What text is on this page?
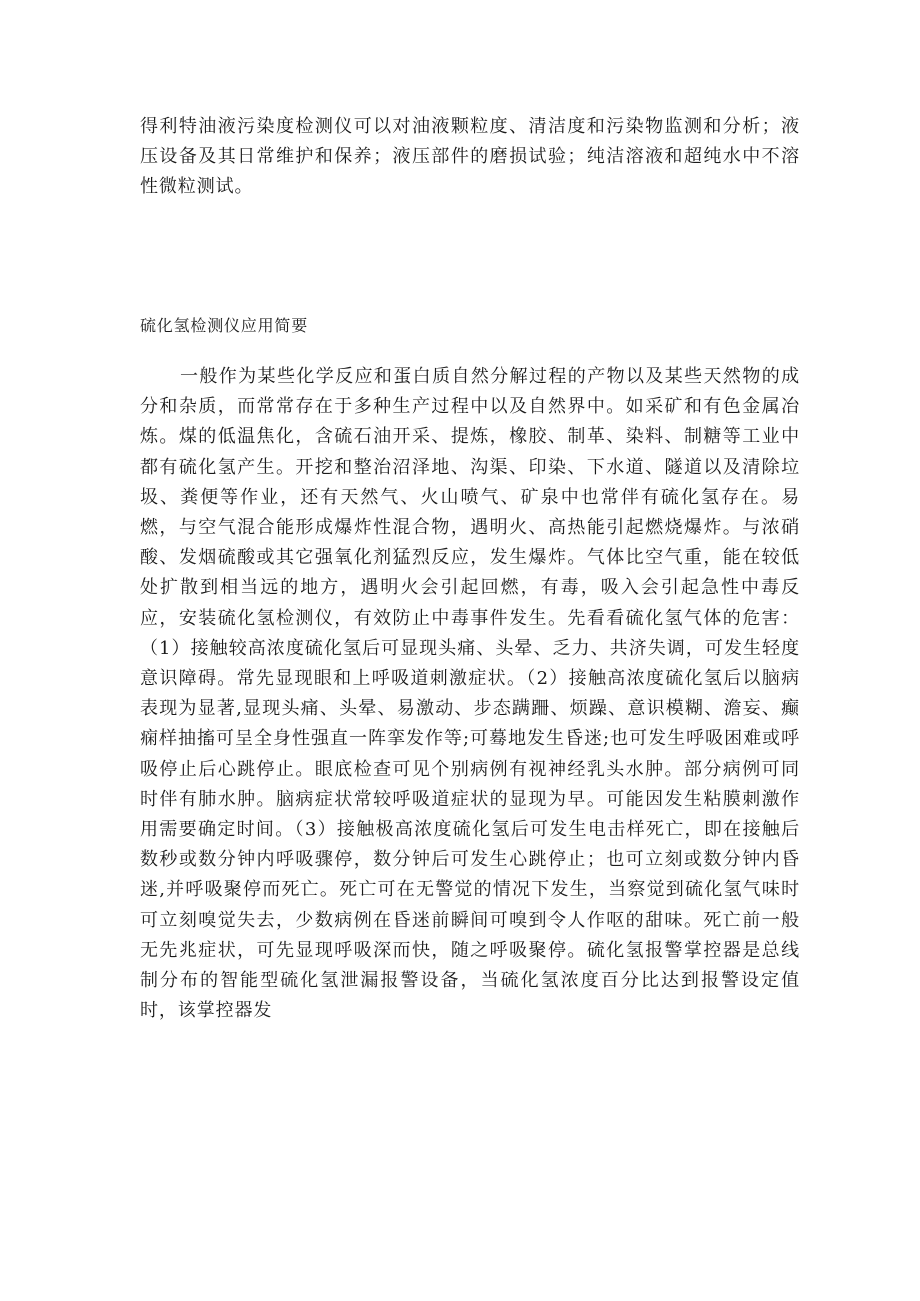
得利特油液污染度检测仪可以对油液颗粒度、清洁度和污染物监测和分析；液压设备及其日常维护和保养；液压部件的磨损试验；纯洁溶液和超纯水中不溶性微粒测试。

硫化氢检测仪应用简要

一般作为某些化学反应和蛋白质自然分解过程的产物以及某些天然物的成分和杂质，而常常存在于多种生产过程中以及自然界中。如采矿和有色金属冶炼。煤的低温焦化，含硫石油开采、提炼，橡胶、制革、染料、制糖等工业中都有硫化氢产生。开挖和整治沼泽地、沟渠、印染、下水道、隧道以及清除垃圾、粪便等作业，还有天然气、火山喷气、矿泉中也常伴有硫化氢存在。易燃，与空气混合能形成爆炸性混合物，遇明火、高热能引起燃烧爆炸。与浓硝酸、发烟硫酸或其它强氧化剂猛烈反应，发生爆炸。气体比空气重，能在较低处扩散到相当远的地方，遇明火会引起回燃，有毒，吸入会引起急性中毒反应，安装硫化氢检测仪，有效防止中毒事件发生。先看看硫化氢气体的危害：（1）接触较高浓度硫化氢后可显现头痛、头晕、乏力、共济失调，可发生轻度意识障碍。常先显现眼和上呼吸道刺激症状。（2）接触高浓度硫化氢后以脑病表现为显著,显现头痛、头晕、易激动、步态蹒跚、烦躁、意识模糊、澹妄、癫痫样抽搐可呈全身性强直一阵挛发作等;可蓦地发生昏迷;也可发生呼吸困难或呼吸停止后心跳停止。眼底检查可见个别病例有视神经乳头水肿。部分病例可同时伴有肺水肿。脑病症状常较呼吸道症状的显现为早。可能因发生粘膜刺激作用需要确定时间。（3）接触极高浓度硫化氢后可发生电击样死亡，即在接触后数秒或数分钟内呼吸骤停，数分钟后可发生心跳停止；也可立刻或数分钟内昏迷,并呼吸聚停而死亡。死亡可在无警觉的情况下发生，当察觉到硫化氢气味时可立刻嗅觉失去，少数病例在昏迷前瞬间可嗅到令人作呕的甜味。死亡前一般无先兆症状，可先显现呼吸深而快，随之呼吸聚停。硫化氢报警掌控器是总线制分布的智能型硫化氢泄漏报警设备，当硫化氢浓度百分比达到报警设定值时，该掌控器发
